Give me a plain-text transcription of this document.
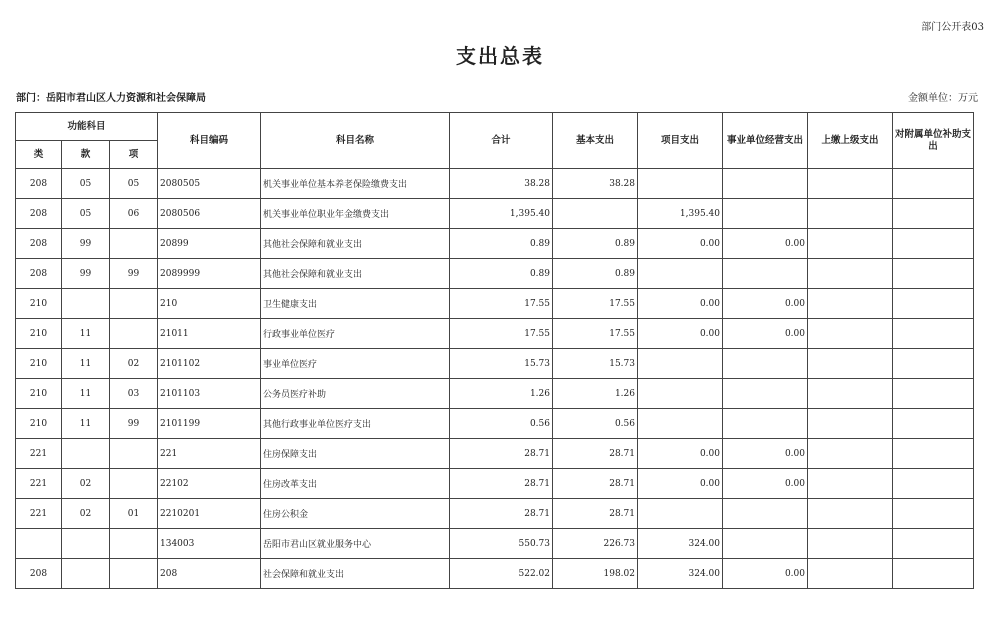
部门公开表03
支出总表
部门：岳阳市君山区人力资源和社会保障局	金额单位：万元
功能科目			科目编码	科目名称	合计	基本支出	项目支出	事业单位经营支出	上缴上级支出	对附属单位补助支出
类	款	项								
208	05	05	2080505	机关事业单位基本养老保险缴费支出	38.28	38.28				
208	05	06	2080506	机关事业单位职业年金缴费支出	1,395.40		1,395.40			
208	99		20899	其他社会保障和就业支出	0.89	0.89	0.00	0.00		
208	99	99	2089999	其他社会保障和就业支出	0.89	0.89				
210			210	卫生健康支出	17.55	17.55	0.00	0.00		
210	11		21011	行政事业单位医疗	17.55	17.55	0.00	0.00		
210	11	02	2101102	事业单位医疗	15.73	15.73				
210	11	03	2101103	公务员医疗补助	1.26	1.26				
210	11	99	2101199	其他行政事业单位医疗支出	0.56	0.56				
221			221	住房保障支出	28.71	28.71	0.00	0.00		
221	02		22102	住房改革支出	28.71	28.71	0.00	0.00		
221	02	01	2210201	住房公积金	28.71	28.71				
			134003	岳阳市君山区就业服务中心	550.73	226.73	324.00			
208			208	社会保障和就业支出	522.02	198.02	324.00	0.00		
